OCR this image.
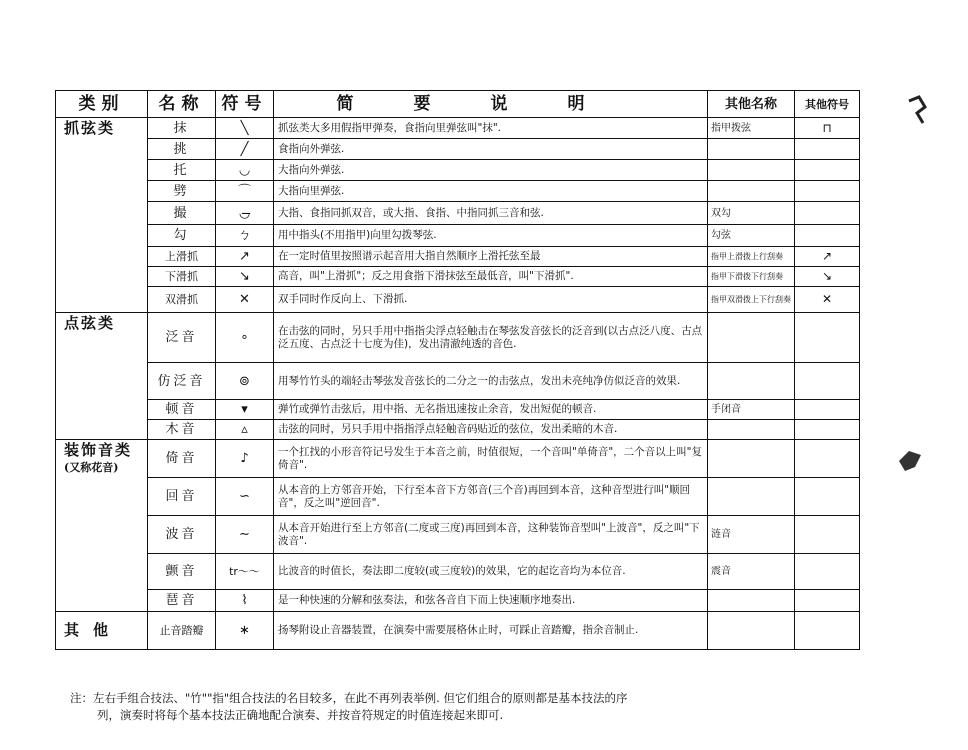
类别	名称	符号	简要说明	其他名称	其他符号
抓弦类	抹	╲	抓弦类大多用假指甲弹奏，食指向里弹弦叫"抹".	指甲拨弦	⊓
	挑	╱	食指向外弹弦.		
	托	◡	大指向外弹弦.		
	劈	⌒	大指向里弹弦.		
	撮	◡̶	大指、食指同抓双音，或大指、食指、中指同抓三音和弦.	双勾	
	勾	ㄅ	用中指头(不用指甲)向里勾拨琴弦.	勾弦	
	上滑抓	↗	在一定时值里按照谱示起音用大指自然顺序上滑托弦至最	指甲上滑拨上行刮奏	↗
	下滑抓	↘	高音，叫"上滑抓"；反之用食指下滑抹弦至最低音，叫"下滑抓".	指甲下滑拨下行刮奏	↘
	双滑抓	✕	双手同时作反向上、下滑抓.	指甲双滑拨上下行刮奏	✕
点弦类	泛音	∘	在击弦的同时，另只手用中指指尖浮点轻触击在琴弦发音弦长的泛音到(以古点泛八度、古点泛五度、古点泛十七度为佳)，发出清澈纯透的音色.		
	仿泛音	⊚	用琴竹竹头的端轻击琴弦发音弦长的二分之一的击弦点，发出未亮纯净仿似泛音的效果.		
	顿音	▾	弹竹或弹竹击弦后，用中指、无名指迅速按止余音，发出短促的顿音.	手闭音	
	木音	▵	击弦的同时，另只手用中指指浮点轻触音码贴近的弦位，发出柔暗的木音.		
装饰音类
(又称花音)	倚音	♪	一个扛找的小形音符记号发生于本音之前，时值很短，一个音叫"单倚音"，二个音以上叫"复倚音".		
	回音	∽	从本音的上方邻音开始，下行至本音下方邻音(三个音)再回到本音，这种音型进行叫"顺回音"，反之叫"逆回音".		
	波音	∼	从本音开始进行至上方邻音(二度或三度)再回到本音，这种装饰音型叫"上波音"，反之叫"下波音".	涟音	
	颤音	tr～～	比波音的时值长，奏法即二度较(或三度较)的效果，它的起讫音均为本位音.	震音	
	琶音	⌇	是一种快速的分解和弦奏法，和弦各音自下而上快速顺序地奏出.		
其他	止音踏瓣	∗	扬琴附设止音器装置，在演奏中需要展格休止时，可踩止音踏瓣，指余音制止.		
注：左右手组合技法、"竹""指"组合技法的名目较多，在此不再列表举例. 但它们组合的原则都是基本技法的序
列，演奏时将每个基本技法正确地配合演奏、并按音符规定的时值连接起来即可.
